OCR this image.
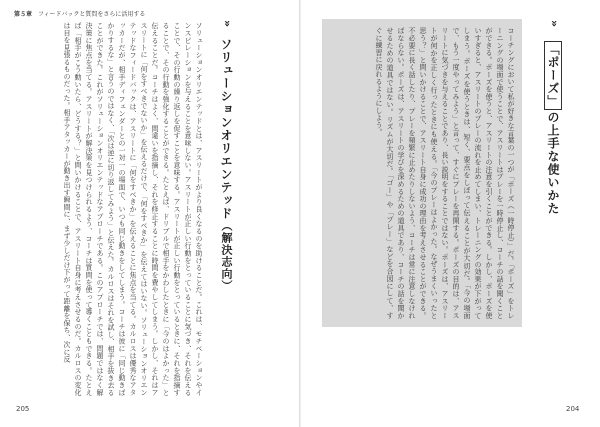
第５章 フィードバックと質問をさらに活用する
»
ソリューションオリエンテッド（解決志向）
ソリューションオリエンテッドとは、アスリートがより良くなるのを助けることだ。これは、モチベーションやインスピレーションを与えることを意味しない。アスリートが正しい行動をとっていることに気づき、それを伝えることで、その行動の繰り返しを促すことを意味する。アスリートが正しい行動をとっているときに、それを指摘することで、その行動を強化することができる。たとえば、ドリブルで相手をかわしたときに「今のはよかった」と伝えることだ。コーチはよく、間違いを指摘し、それを修正することに時間を費やしてしまう。しかし、それはアスリートに「何をすべきでないか」を伝えるだけで、「何をすべきか」を伝えてはいない。ソリューションオリエンテッドなフィードバックは、アスリートに「何をすべきか」を伝えることに焦点を当てる。カルロスは優秀なアタッカーだが、相手ディフェンダーとの一対一の場面で、いつも同じ動きをしてしまう。コーチは彼に「同じ動きばかりするな」と言うのではなく、「次は逆に切り返してみよう」と伝えた。カルロスはそれを試し、相手を抜き去ることができた。これがソリューションオリエンテッドなアプローチである。このアプローチでは、問題ではなく解決策に焦点を当てる。アスリートが解決策を見つけられるよう、コーチは質問を使って導くこともできる。たとえば「相手がこう動いたら、どうする？」と問いかけることで、アスリート自身に考えさせるのだ。カルロスの変化は目を見張るものだった。相手アタッカーが動き出す瞬間に、まず少しだけ下がって距離を保ち、次に反
205
コーチングにおいて私が好きな言葉の一つが「ポーズ（一時停止）」だ。「ポーズ」をトレーニングの場面で使うことで、アスリートはプレーを一時停止し、コーチの話を聞くことができる。ポーズを使うと、アスリートの注意を引くことができる。しかし、ポーズを使いすぎると、アスリートのプレーの流れを止めてしまい、トレーニングの効果が下がってしまう。ポーズを使うときは、短く、要点をしぼって伝えることが大切だ。「今の場面で、もう一度やってみよう」と言って、すぐにプレーを再開する。ポーズの目的は、アスリートに気づきを与えることであり、長い説明をすることではない。ポーズは、アスリートが何かを正しく行ったときにも使える。「今のプレーはよかった。なぜうまくいったと思う？」と問いかけることで、アスリート自身に成功の理由を考えさせることができる。不必要に長く話したり、プレーを頻繁に止めたりしないよう、コーチは常に注意しなければならない。ポーズは、アスリートの学びを深めるための道具であり、コーチの話を聞かせるための道具ではない。リズムが大切だ。「ゴー」や「プレー」などを合図にして、すぐに練習に戻れるようにしよう。
»
「ポーズ」の上手な使いかた
204
